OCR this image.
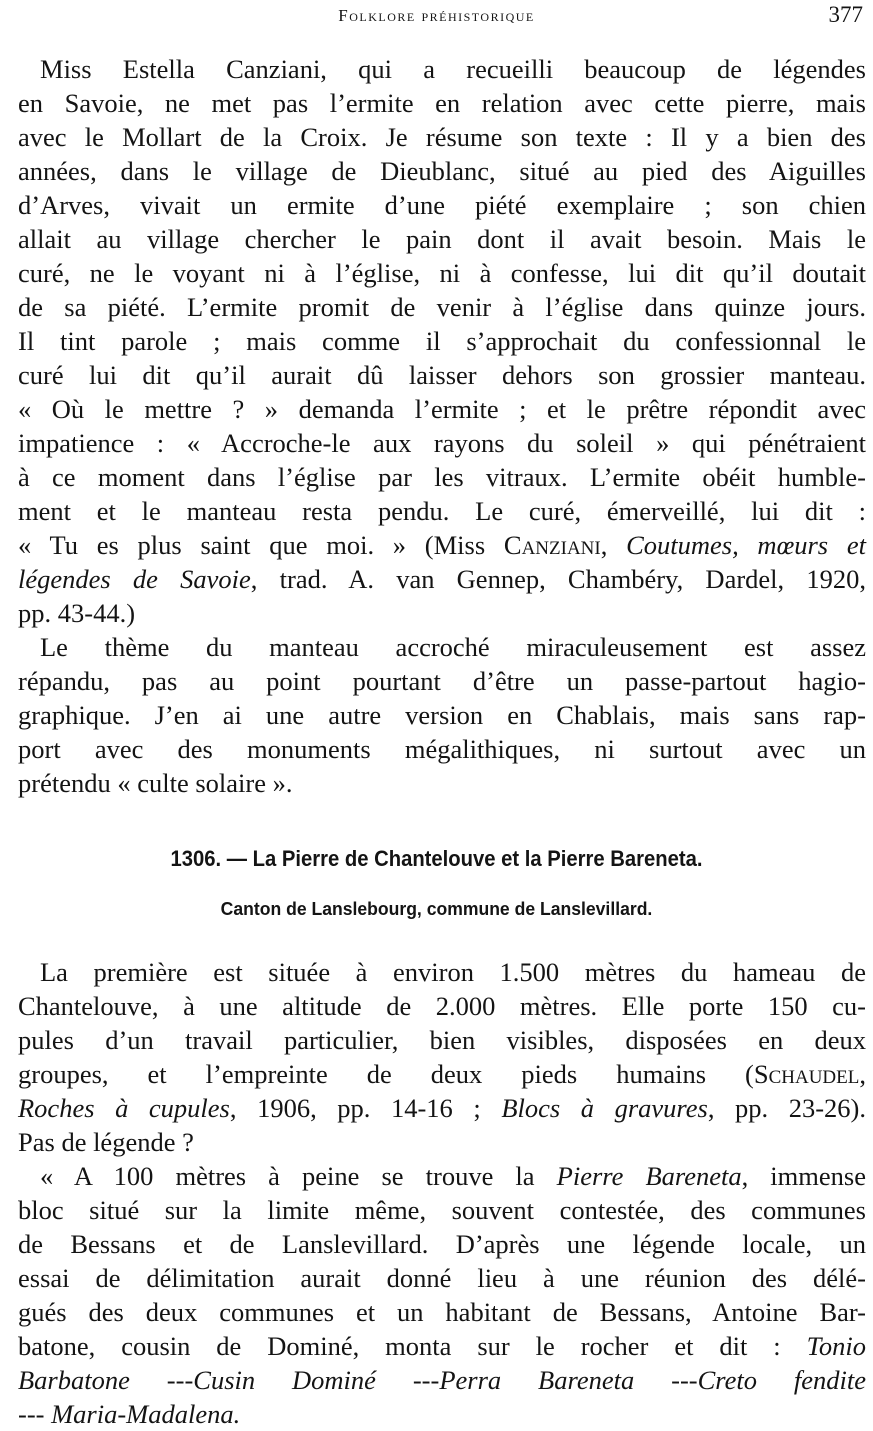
Folklore préhistorique	377
Miss Estella Canziani, qui a recueilli beaucoup de légendes
en Savoie, ne met pas l’ermite en relation avec cette pierre, mais
avec le Mollart de la Croix. Je résume son texte : Il y a bien des
années, dans le village de Dieublanc, situé au pied des Aiguilles
d’Arves, vivait un ermite d’une piété exemplaire ; son chien
allait au village chercher le pain dont il avait besoin. Mais le
curé, ne le voyant ni à l’église, ni à confesse, lui dit qu’il doutait
de sa piété. L’ermite promit de venir à l’église dans quinze jours.
Il tint parole ; mais comme il s’approchait du confessionnal le
curé lui dit qu’il aurait dû laisser dehors son grossier manteau.
« Où le mettre ? » demanda l’ermite ; et le prêtre répondit avec
impatience : « Accroche-le aux rayons du soleil » qui pénétraient
à ce moment dans l’église par les vitraux. L’ermite obéit humble-
ment et le manteau resta pendu. Le curé, émerveillé, lui dit :
« Tu es plus saint que moi. » (Miss Canziani, Coutumes, mœurs et
légendes de Savoie, trad. A. van Gennep, Chambéry, Dardel, 1920,
pp. 43-44.)
Le thème du manteau accroché miraculeusement est assez
répandu, pas au point pourtant d’être un passe-partout hagio-
graphique. J’en ai une autre version en Chablais, mais sans rap-
port avec des monuments mégalithiques, ni surtout avec un
prétendu « culte solaire ».
1306. — La Pierre de Chantelouve et la Pierre Bareneta.
Canton de Lanslebourg, commune de Lanslevillard.
La première est située à environ 1.500 mètres du hameau de
Chantelouve, à une altitude de 2.000 mètres. Elle porte 150 cu-
pules d’un travail particulier, bien visibles, disposées en deux
groupes, et l’empreinte de deux pieds humains (Schaudel,
Roches à cupules, 1906, pp. 14-16 ; Blocs à gravures, pp. 23-26).
Pas de légende ?
« A 100 mètres à peine se trouve la Pierre Bareneta, immense
bloc situé sur la limite même, souvent contestée, des communes
de Bessans et de Lanslevillard. D’après une légende locale, un
essai de délimitation aurait donné lieu à une réunion des délé-
gués des deux communes et un habitant de Bessans, Antoine Bar-
batone, cousin de Dominé, monta sur le rocher et dit : Tonio
Barbatone ---Cusin Dominé ---Perra Bareneta ---Creto fendite
--- Maria-Madalena.
